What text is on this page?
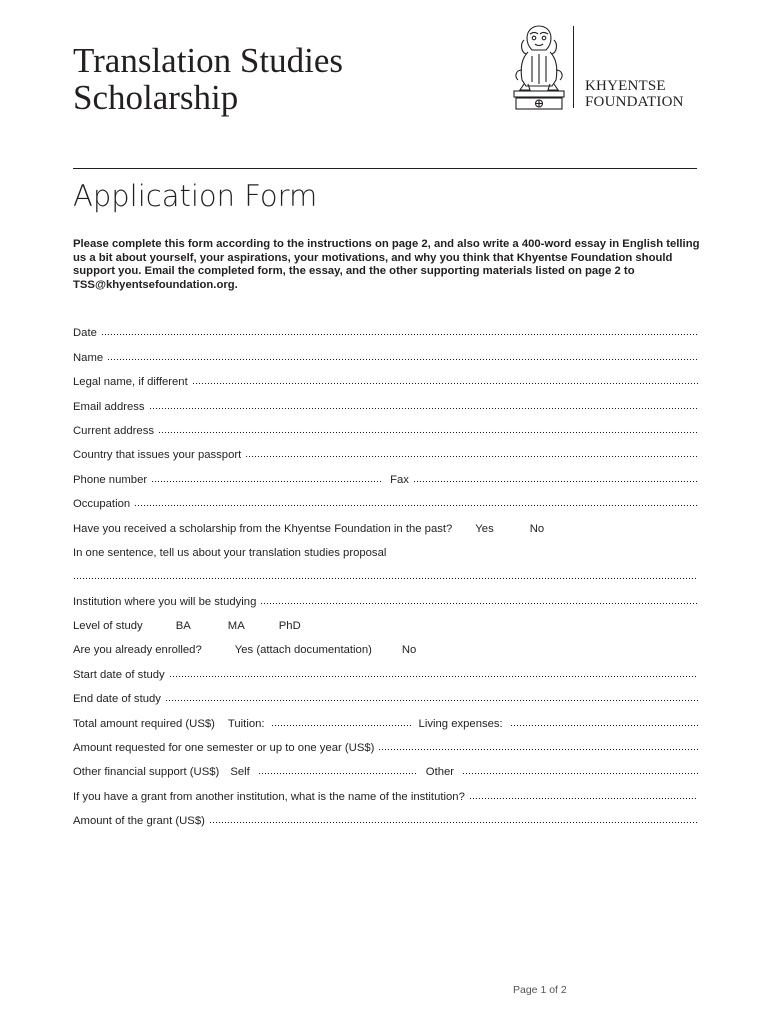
Translation Studies
Scholarship	KHYENTSE
FOUNDATION
Application Form

Please complete this form according to the instructions on page 2, and also write a 400-word essay in English telling us a bit about yourself, your aspirations, your motivations, and why you think that Khyentse Foundation should support you. Email the completed form, the essay, and the other supporting materials listed on page 2 to TSS@khyentsefoundation.org.

Date
Name
Legal name, if different
Email address
Current address
Country that issues your passport
Phone number	Fax
Occupation
Have you received a scholarship from the Khyentse Foundation in the past? Yes	No
In one sentence, tell us about your translation studies proposal
Institution where you will be studying
Level of study	BA	MA	PhD
Are you already enrolled?	Yes (attach documentation)	No
Start date of study
End date of study
Total amount required (US$) Tuition:	Living expenses:
Amount requested for one semester or up to one year (US$)
Other financial support (US$) Self	Other
If you have a grant from another institution, what is the name of the institution?
Amount of the grant (US$)
Page 1 of 2
